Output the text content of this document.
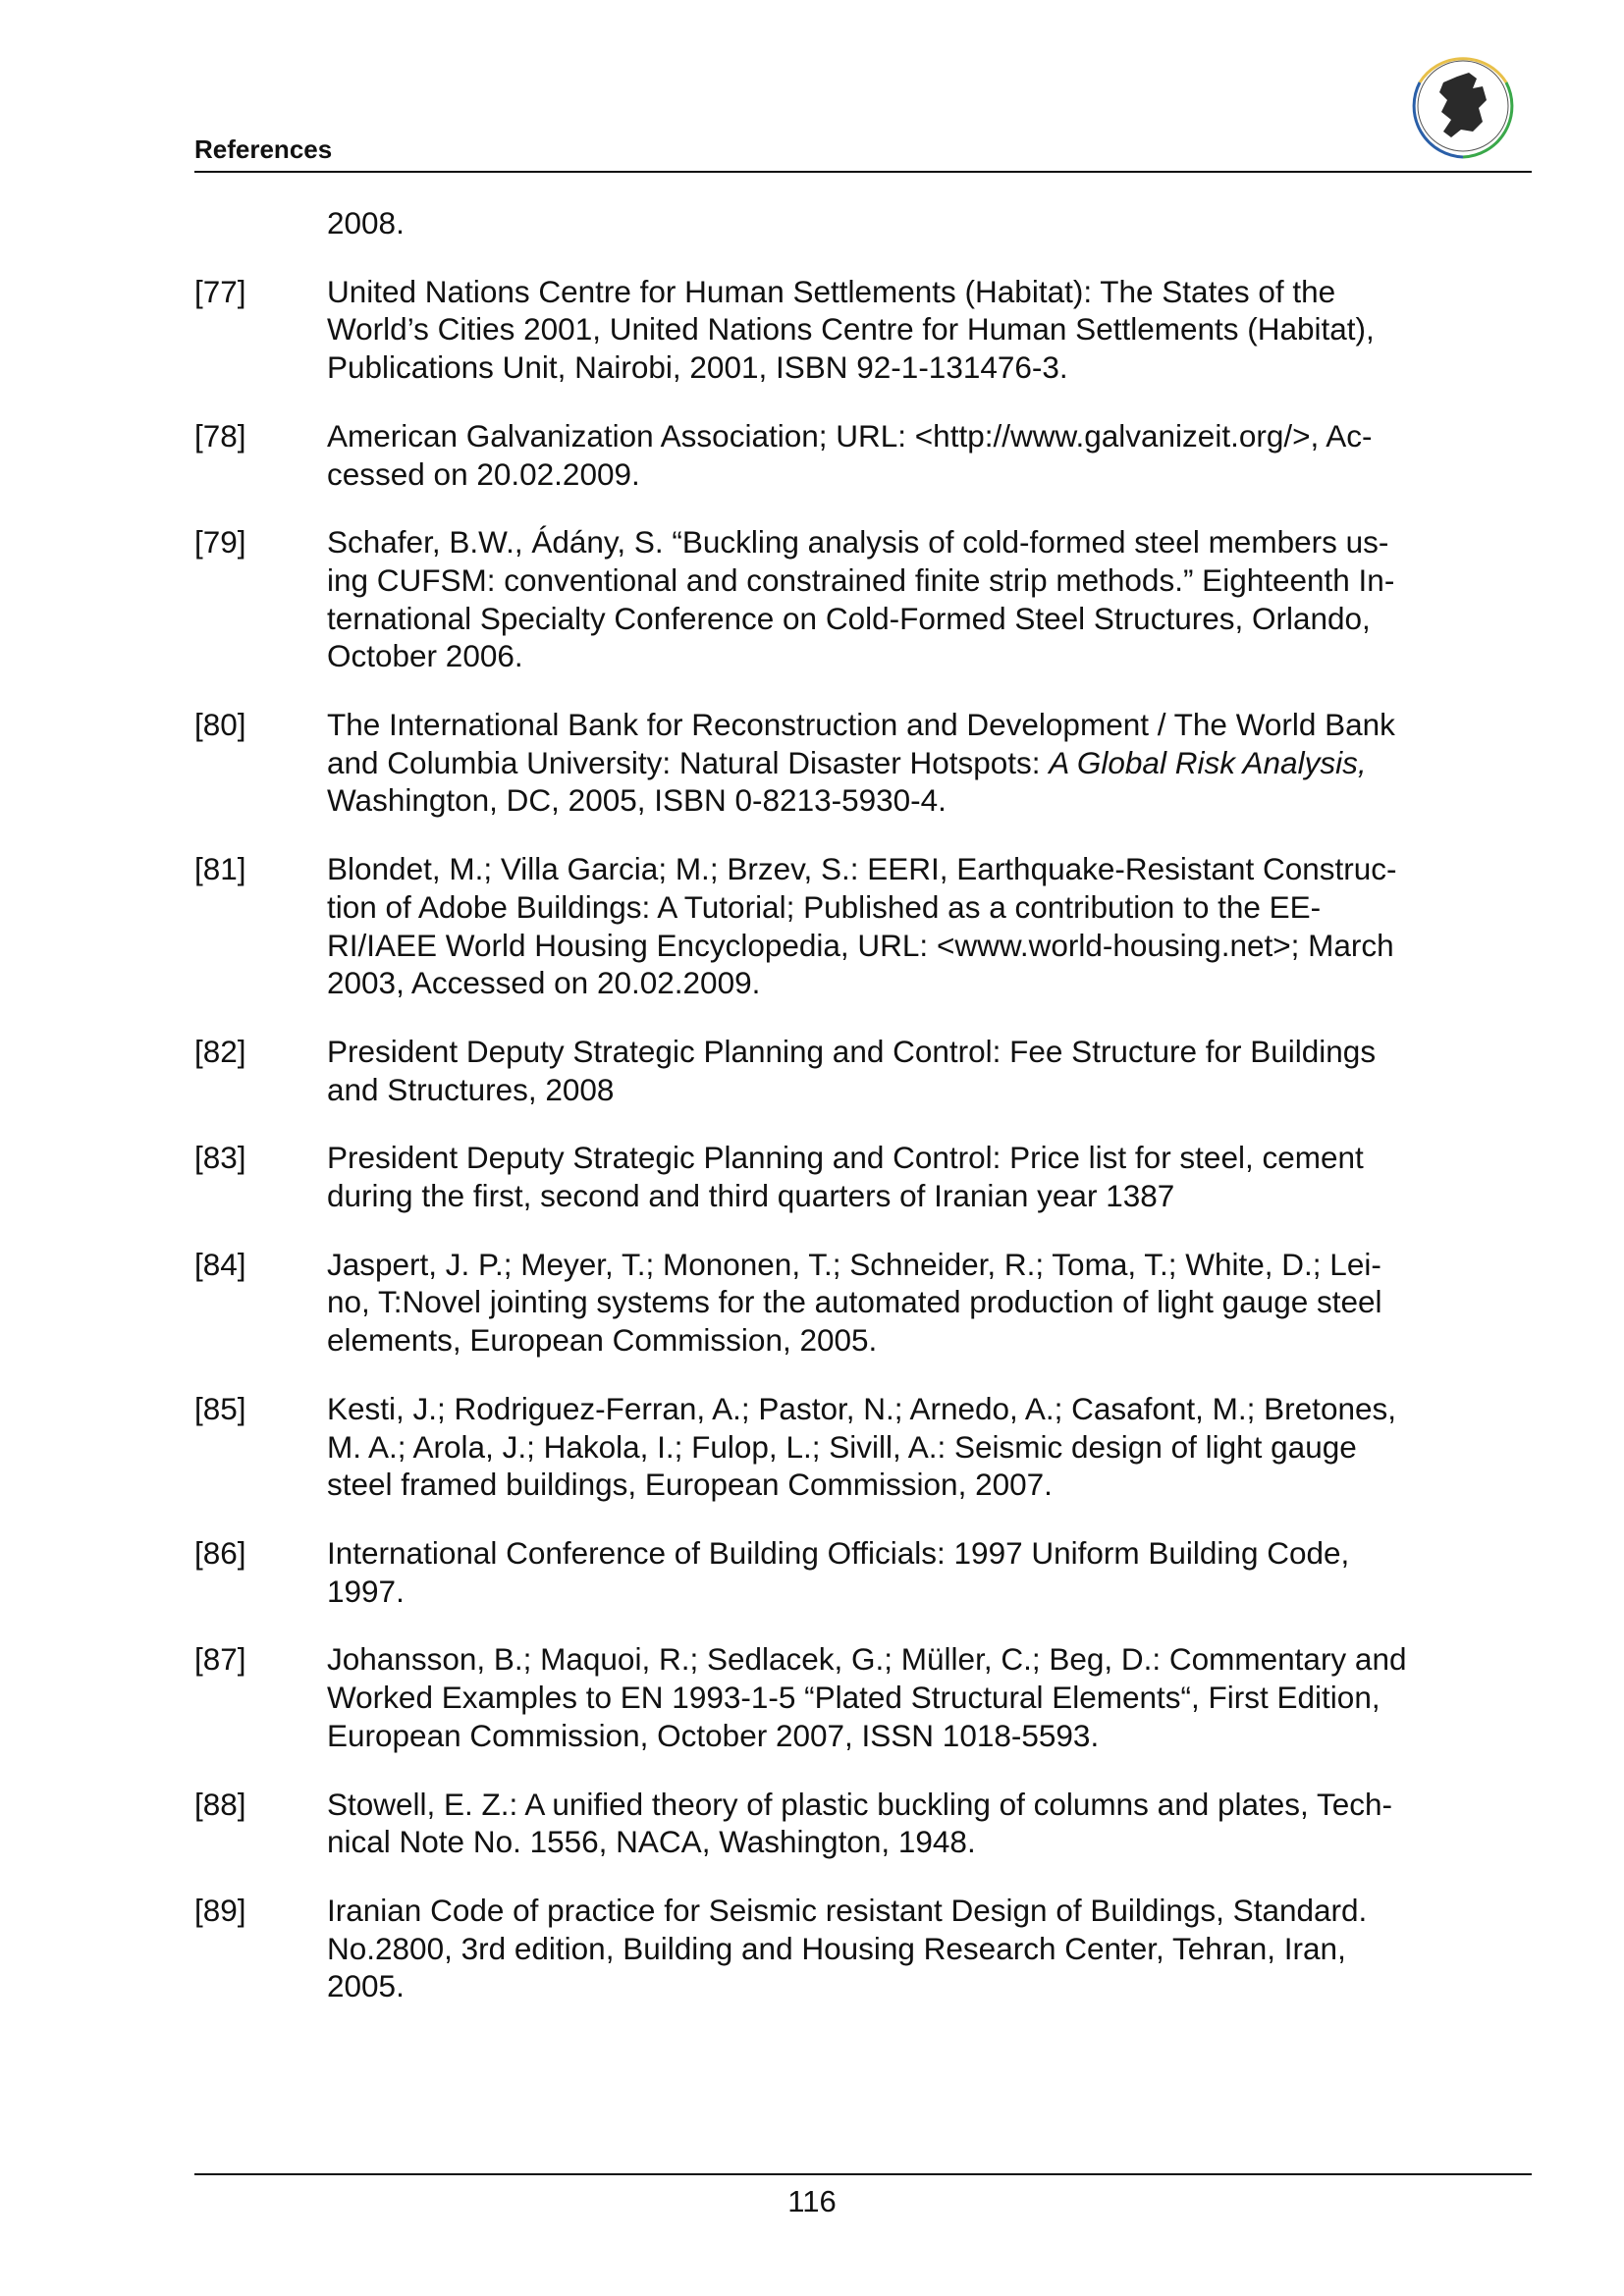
References
2008.
[77]	United Nations Centre for Human Settlements (Habitat): The States of the
World’s Cities 2001, United Nations Centre for Human Settlements (Habitat),
Publications Unit, Nairobi, 2001, ISBN 92-1-131476-3.
[78]	American Galvanization Association; URL: <http://www.galvanizeit.org/>, Ac-
cessed on 20.02.2009.
[79]	Schafer, B.W., Ádány, S. “Buckling analysis of cold-formed steel members us-
ing CUFSM: conventional and constrained finite strip methods.” Eighteenth In-
ternational Specialty Conference on Cold-Formed Steel Structures, Orlando,
October 2006.
[80]	The International Bank for Reconstruction and Development / The World Bank
and Columbia University: Natural Disaster Hotspots: A Global Risk Analysis,
Washington, DC, 2005, ISBN 0-8213-5930-4.
[81]	Blondet, M.; Villa Garcia; M.; Brzev, S.: EERI, Earthquake-Resistant Construc-
tion of Adobe Buildings: A Tutorial; Published as a contribution to the EE-
RI/IAEE World Housing Encyclopedia, URL: <www.world-housing.net>; March
2003, Accessed on 20.02.2009.
[82]	President Deputy Strategic Planning and Control: Fee Structure for Buildings
and Structures, 2008
[83]	President Deputy Strategic Planning and Control: Price list for steel, cement
during the first, second and third quarters of Iranian year 1387
[84]	Jaspert, J. P.; Meyer, T.; Mononen, T.; Schneider, R.; Toma, T.; White, D.; Lei-
no, T:Novel jointing systems for the automated production of light gauge steel
elements, European Commission, 2005.
[85]	Kesti, J.; Rodriguez-Ferran, A.; Pastor, N.; Arnedo, A.; Casafont, M.; Bretones,
M. A.; Arola, J.; Hakola, I.; Fulop, L.; Sivill, A.: Seismic design of light gauge
steel framed buildings, European Commission, 2007.
[86]	International Conference of Building Officials: 1997 Uniform Building Code,
1997.
[87]	Johansson, B.; Maquoi, R.; Sedlacek, G.; Müller, C.; Beg, D.: Commentary and
Worked Examples to EN 1993-1-5 “Plated Structural Elements“, First Edition,
European Commission, October 2007, ISSN 1018-5593.
[88]	Stowell, E. Z.: A unified theory of plastic buckling of columns and plates, Tech-
nical Note No. 1556, NACA, Washington, 1948.
[89]	Iranian Code of practice for Seismic resistant Design of Buildings, Standard.
No.2800, 3rd edition, Building and Housing Research Center, Tehran, Iran,
2005.
116
